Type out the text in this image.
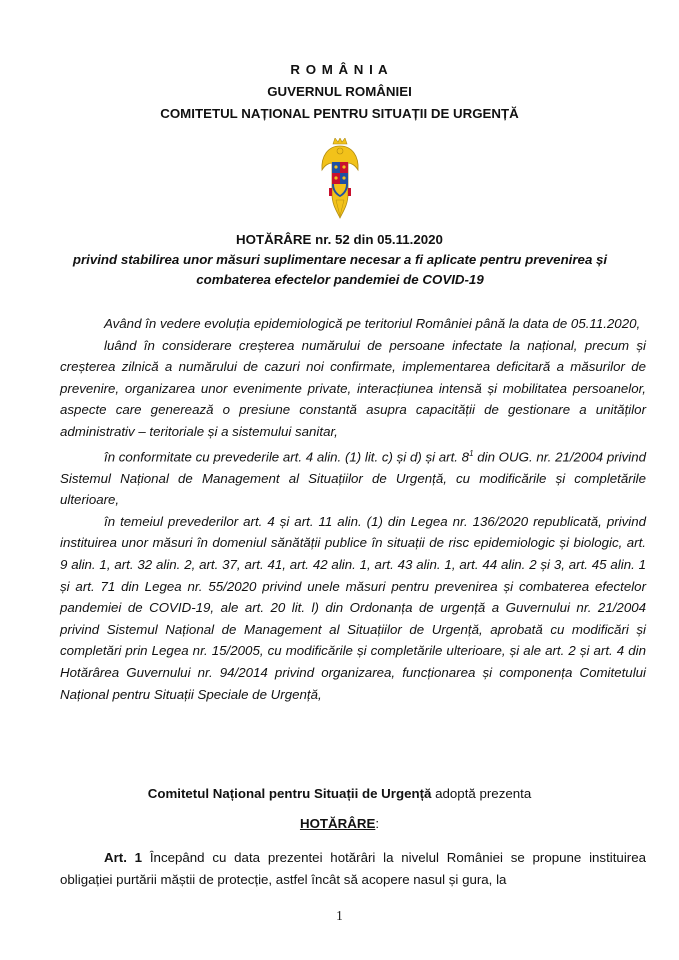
R O M Â N I A
GUVERNUL ROMÂNIEI
COMITETUL NAȚIONAL PENTRU SITUAȚII DE URGENȚĂ
HOTĂRÂRE nr. 52 din 05.11.2020
privind stabilirea unor măsuri suplimentare necesar a fi aplicate pentru prevenirea și
combaterea efectelor pandemiei de COVID-19

Având în vedere evoluția epidemiologică pe teritoriul României până la data de 05.11.2020,

luând în considerare creșterea numărului de persoane infectate la național, precum și creșterea zilnică a numărului de cazuri noi confirmate, implementarea deficitară a măsurilor de prevenire, organizarea unor evenimente private, interacțiunea intensă și mobilitatea persoanelor, aspecte care generează o presiune constantă asupra capacității de gestionare a unităților administrativ – teritoriale și a sistemului sanitar,

în conformitate cu prevederile art. 4 alin. (1) lit. c) și d) și art. $8^1$ din OUG. nr. 21/2004 privind Sistemul Național de Management al Situațiilor de Urgență, cu modificările și completările ulterioare,

în temeiul prevederilor art. 4 și art. 11 alin. (1) din Legea nr. 136/2020 republicată, privind instituirea unor măsuri în domeniul sănătății publice în situații de risc epidemiologic și biologic, art. 9 alin. 1, art. 32 alin. 2, art. 37, art. 41, art. 42 alin. 1, art. 43 alin. 1, art. 44 alin. 2 și 3, art. 45 alin. 1 și art. 71 din Legea nr. 55/2020 privind unele măsuri pentru prevenirea și combaterea efectelor pandemiei de COVID-19, ale art. 20 lit. l) din Ordonanța de urgență a Guvernului nr. 21/2004 privind Sistemul Național de Management al Situațiilor de Urgență, aprobată cu modificări și completări prin Legea nr. 15/2005, cu modificările și completările ulterioare, și ale art. 2 și art. 4 din Hotărârea Guvernului nr. 94/2014 privind organizarea, funcționarea și componența Comitetului Național pentru Situații Speciale de Urgență,

Comitetul Național pentru Situații de Urgență adoptă prezenta
HOTĂRÂRE:

Art. 1 Începând cu data prezentei hotărâri la nivelul României se propune instituirea obligației purtării măștii de protecție, astfel încât să acopere nasul și gura, la

1
